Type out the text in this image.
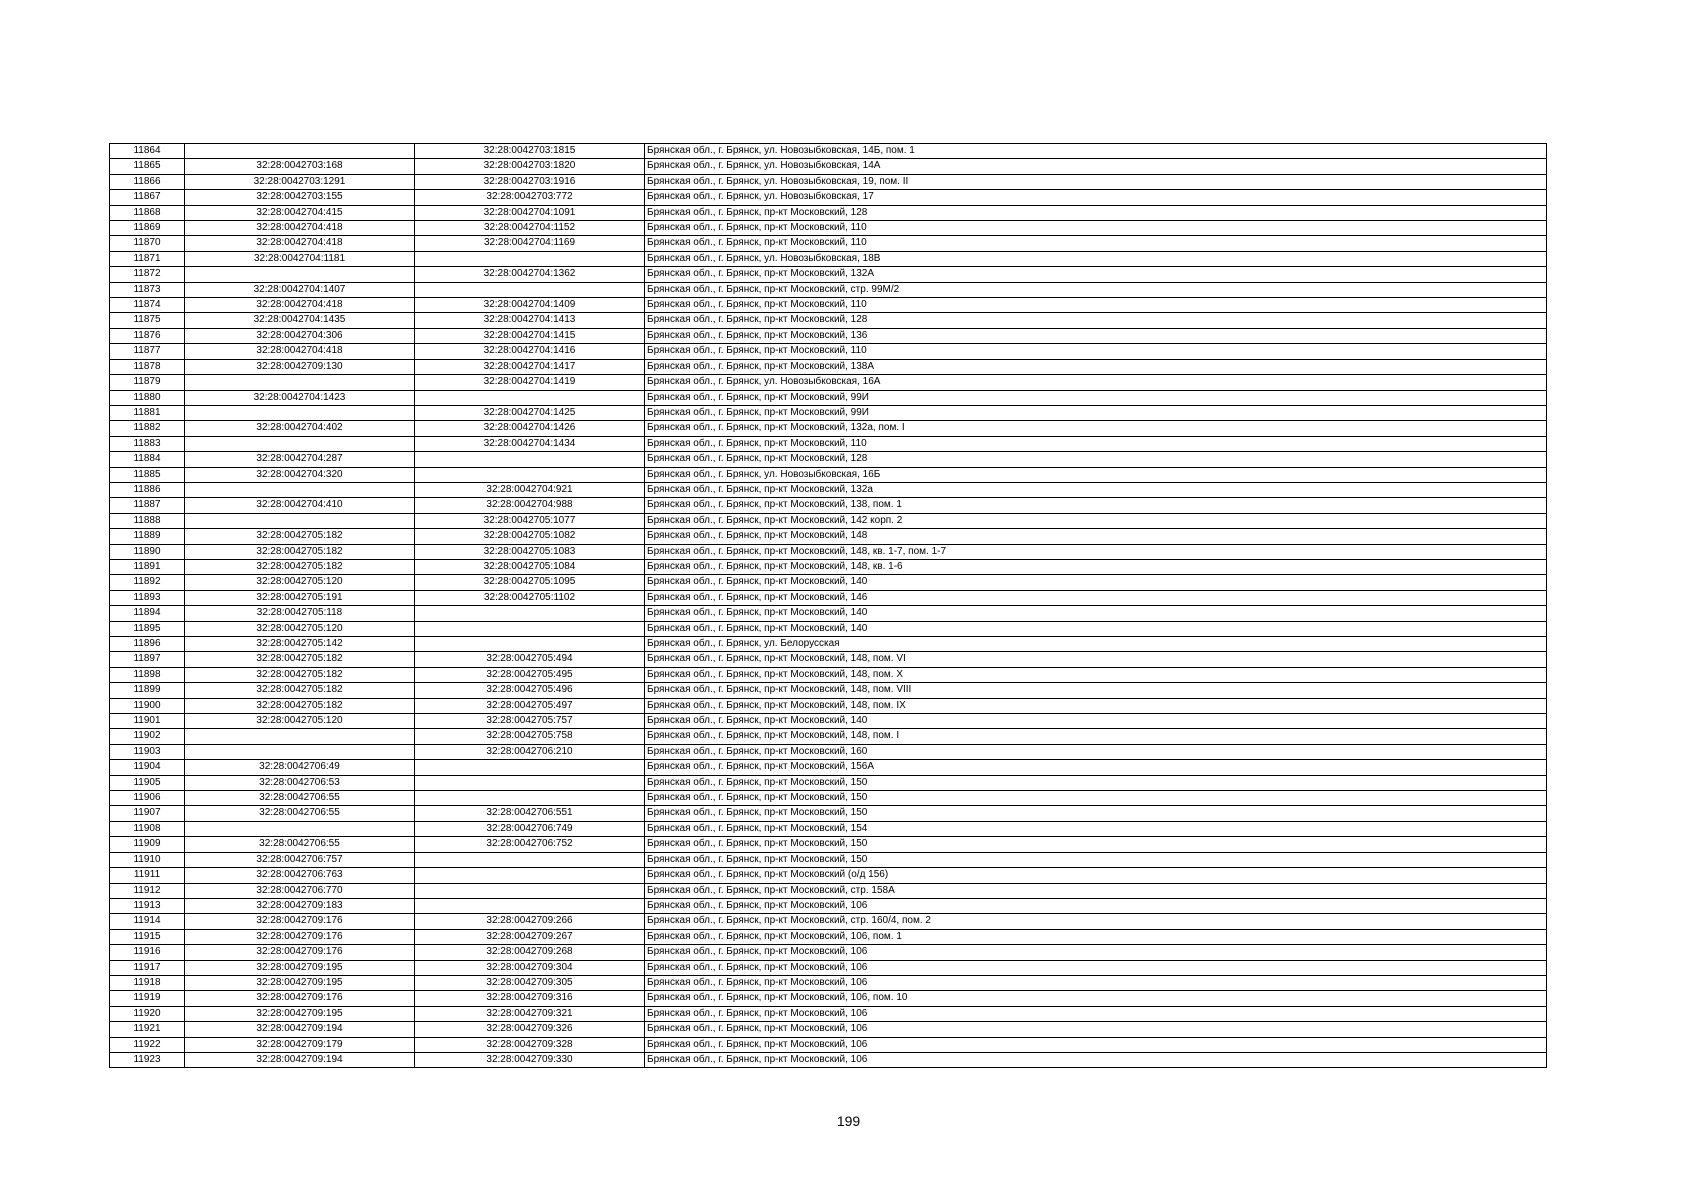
11864		32:28:0042703:1815	Брянская обл., г. Брянск, ул. Новозыбковская, 14Б, пом. 1
11865	32:28:0042703:168	32:28:0042703:1820	Брянская обл., г. Брянск, ул. Новозыбковская, 14А
11866	32:28:0042703:1291	32:28:0042703:1916	Брянская обл., г. Брянск, ул. Новозыбковская, 19, пом. II
11867	32:28:0042703:155	32:28:0042703:772	Брянская обл., г. Брянск, ул. Новозыбковская, 17
11868	32:28:0042704:415	32:28:0042704:1091	Брянская обл., г. Брянск, пр-кт Московский, 128
11869	32:28:0042704:418	32:28:0042704:1152	Брянская обл., г. Брянск, пр-кт Московский, 110
11870	32:28:0042704:418	32:28:0042704:1169	Брянская обл., г. Брянск, пр-кт Московский, 110
11871	32:28:0042704:1181		Брянская обл., г. Брянск, ул. Новозыбковская, 18В
11872		32:28:0042704:1362	Брянская обл., г. Брянск, пр-кт Московский, 132А
11873	32:28:0042704:1407		Брянская обл., г. Брянск, пр-кт Московский, стр. 99М/2
11874	32:28:0042704:418	32:28:0042704:1409	Брянская обл., г. Брянск, пр-кт Московский, 110
11875	32:28:0042704:1435	32:28:0042704:1413	Брянская обл., г. Брянск, пр-кт Московский, 128
11876	32:28:0042704:306	32:28:0042704:1415	Брянская обл., г. Брянск, пр-кт Московский, 136
11877	32:28:0042704:418	32:28:0042704:1416	Брянская обл., г. Брянск, пр-кт Московский, 110
11878	32:28:0042709:130	32:28:0042704:1417	Брянская обл., г. Брянск, пр-кт Московский, 138А
11879		32:28:0042704:1419	Брянская обл., г. Брянск, ул. Новозыбковская, 16А
11880	32:28:0042704:1423		Брянская обл., г. Брянск, пр-кт Московский, 99И
11881		32:28:0042704:1425	Брянская обл., г. Брянск, пр-кт Московский, 99И
11882	32:28:0042704:402	32:28:0042704:1426	Брянская обл., г. Брянск, пр-кт Московский, 132а, пом. I
11883		32:28:0042704:1434	Брянская обл., г. Брянск, пр-кт Московский, 110
11884	32:28:0042704:287		Брянская обл., г. Брянск, пр-кт Московский, 128
11885	32:28:0042704:320		Брянская обл., г. Брянск, ул. Новозыбковская, 16Б
11886		32:28:0042704:921	Брянская обл., г. Брянск, пр-кт Московский, 132а
11887	32:28:0042704:410	32:28:0042704:988	Брянская обл., г. Брянск, пр-кт Московский, 138, пом. 1
11888		32:28:0042705:1077	Брянская обл., г. Брянск, пр-кт Московский, 142 корп. 2
11889	32:28:0042705:182	32:28:0042705:1082	Брянская обл., г. Брянск, пр-кт Московский, 148
11890	32:28:0042705:182	32:28:0042705:1083	Брянская обл., г. Брянск, пр-кт Московский, 148, кв. 1-7, пом. 1-7
11891	32:28:0042705:182	32:28:0042705:1084	Брянская обл., г. Брянск, пр-кт Московский, 148, кв. 1-6
11892	32:28:0042705:120	32:28:0042705:1095	Брянская обл., г. Брянск, пр-кт Московский, 140
11893	32:28:0042705:191	32:28:0042705:1102	Брянская обл., г. Брянск, пр-кт Московский, 146
11894	32:28:0042705:118		Брянская обл., г. Брянск, пр-кт Московский, 140
11895	32:28:0042705:120		Брянская обл., г. Брянск, пр-кт Московский, 140
11896	32:28:0042705:142		Брянская обл., г. Брянск, ул. Белорусская
11897	32:28:0042705:182	32:28:0042705:494	Брянская обл., г. Брянск, пр-кт Московский, 148, пом. VI
11898	32:28:0042705:182	32:28:0042705:495	Брянская обл., г. Брянск, пр-кт Московский, 148, пом. X
11899	32:28:0042705:182	32:28:0042705:496	Брянская обл., г. Брянск, пр-кт Московский, 148, пом. VIII
11900	32:28:0042705:182	32:28:0042705:497	Брянская обл., г. Брянск, пр-кт Московский, 148, пом. IX
11901	32:28:0042705:120	32:28:0042705:757	Брянская обл., г. Брянск, пр-кт Московский, 140
11902		32:28:0042705:758	Брянская обл., г. Брянск, пр-кт Московский, 148, пом. I
11903		32:28:0042706:210	Брянская обл., г. Брянск, пр-кт Московский, 160
11904	32:28:0042706:49		Брянская обл., г. Брянск, пр-кт Московский, 156А
11905	32:28:0042706:53		Брянская обл., г. Брянск, пр-кт Московский, 150
11906	32:28:0042706:55		Брянская обл., г. Брянск, пр-кт Московский, 150
11907	32:28:0042706:55	32:28:0042706:551	Брянская обл., г. Брянск, пр-кт Московский, 150
11908		32:28:0042706:749	Брянская обл., г. Брянск, пр-кт Московский, 154
11909	32:28:0042706:55	32:28:0042706:752	Брянская обл., г. Брянск, пр-кт Московский, 150
11910	32:28:0042706:757		Брянская обл., г. Брянск, пр-кт Московский, 150
11911	32:28:0042706:763		Брянская обл., г. Брянск, пр-кт Московский (о/д 156)
11912	32:28:0042706:770		Брянская обл., г. Брянск, пр-кт Московский, стр. 158А
11913	32:28:0042709:183		Брянская обл., г. Брянск, пр-кт Московский, 106
11914	32:28:0042709:176	32:28:0042709:266	Брянская обл., г. Брянск, пр-кт Московский, стр. 160/4, пом. 2
11915	32:28:0042709:176	32:28:0042709:267	Брянская обл., г. Брянск, пр-кт Московский, 106, пом. 1
11916	32:28:0042709:176	32:28:0042709:268	Брянская обл., г. Брянск, пр-кт Московский, 106
11917	32:28:0042709:195	32:28:0042709:304	Брянская обл., г. Брянск, пр-кт Московский, 106
11918	32:28:0042709:195	32:28:0042709:305	Брянская обл., г. Брянск, пр-кт Московский, 106
11919	32:28:0042709:176	32:28:0042709:316	Брянская обл., г. Брянск, пр-кт Московский, 106, пом. 10
11920	32:28:0042709:195	32:28:0042709:321	Брянская обл., г. Брянск, пр-кт Московский, 106
11921	32:28:0042709:194	32:28:0042709:326	Брянская обл., г. Брянск, пр-кт Московский, 106
11922	32:28:0042709:179	32:28:0042709:328	Брянская обл., г. Брянск, пр-кт Московский, 106
11923	32:28:0042709:194	32:28:0042709:330	Брянская обл., г. Брянск, пр-кт Московский, 106
199
